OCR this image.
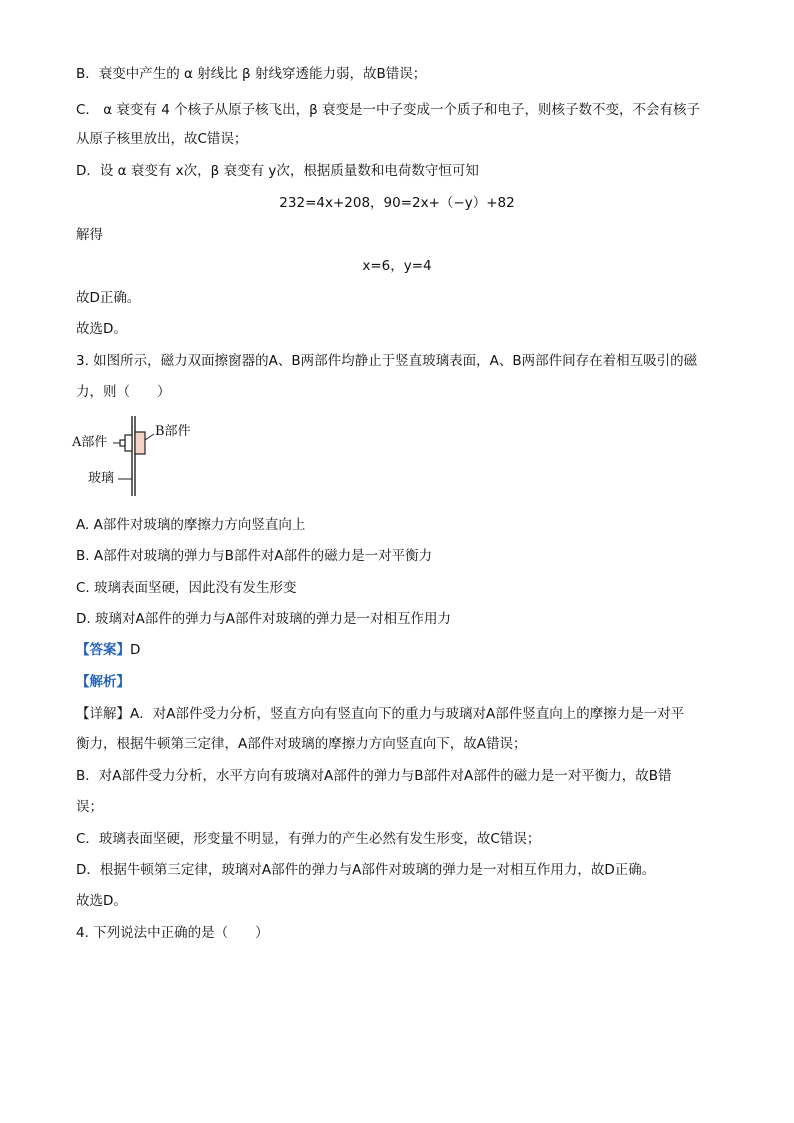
B．衰变中产生的 α 射线比 β 射线穿透能力弱，故B错误；
C． α 衰变有 4 个核子从原子核飞出，β 衰变是一中子变成一个质子和电子，则核子数不变，不会有核子
从原子核里放出，故C错误；
D．设 α 衰变有 x次，β 衰变有 y次，根据质量数和电荷数守恒可知
232=4x+208，90=2x+（−y）+82
解得
x=6，y=4
故D正确。
故选D。
3. 如图所示，磁力双面擦窗器的A、B两部件均静止于竖直玻璃表面，A、B两部件间存在着相互吸引的磁
力，则（　　）
A部件
B部件
玻璃
A. A部件对玻璃的摩擦力方向竖直向上
B. A部件对玻璃的弹力与B部件对A部件的磁力是一对平衡力
C. 玻璃表面坚硬，因此没有发生形变
D. 玻璃对A部件的弹力与A部件对玻璃的弹力是一对相互作用力
【答案】D
【解析】
【详解】A．对A部件受力分析，竖直方向有竖直向下的重力与玻璃对A部件竖直向上的摩擦力是一对平
衡力，根据牛顿第三定律，A部件对玻璃的摩擦力方向竖直向下，故A错误；
B．对A部件受力分析，水平方向有玻璃对A部件的弹力与B部件对A部件的磁力是一对平衡力，故B错
误；
C．玻璃表面坚硬，形变量不明显，有弹力的产生必然有发生形变，故C错误；
D．根据牛顿第三定律，玻璃对A部件的弹力与A部件对玻璃的弹力是一对相互作用力，故D正确。
故选D。
4. 下列说法中正确的是（　　）
